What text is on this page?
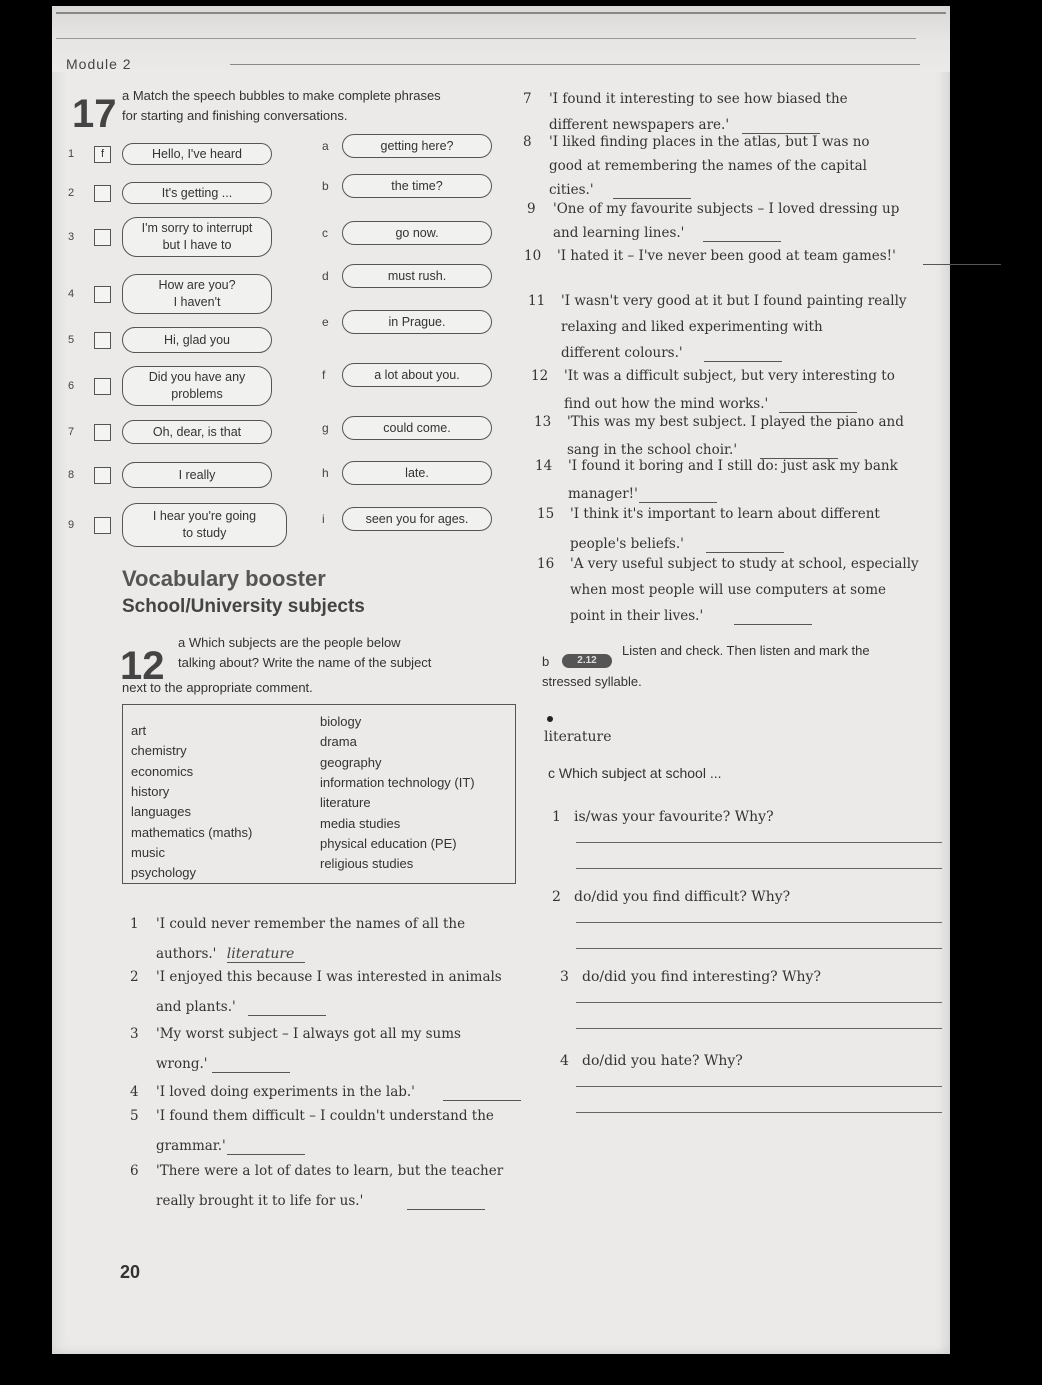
Module 2
17 a Match the speech bubbles to make complete phrases
for starting and finishing conversations.
Vocabulary booster
School/University subjects
12
a Which subjects are the people below
talking about? Write the name of the subject
next to the appropriate comment.
b	2.12
Listen and check. Then listen and mark the
stressed syllable.
literature
c Which subject at school ...
20
1	f	Hello, I've heard
2	It's getting ...
3
I'm sorry to interrupt
but I have to
4
How are you?
I haven't
5	Hi, glad you
6
Did you have any
problems
7	Oh, dear, is that
8	I really
9
I hear you're going
to study
a	getting here?
b	the time?
c	go now.
d	must rush.
e	in Prague.
f	a lot about you.
g	could come.
h	late.
i	seen you for ages.
art
chemistry
economics
history
languages
mathematics (maths)
music
psychology
biology
drama
geography
information technology (IT)
literature
media studies
physical education (PE)
religious studies
1 'I could never remember the names of all the
authors.' literature
2 'I enjoyed this because I was interested in animals
and plants.'
3 'My worst subject – I always got all my sums
wrong.'
4 'I loved doing experiments in the lab.'
5 'I found them difficult – I couldn't understand the
grammar.'
6 'There were a lot of dates to learn, but the teacher
really brought it to life for us.'
7 'I found it interesting to see how biased the
different newspapers are.'
8 'I liked finding places in the atlas, but I was no
good at remembering the names of the capital
cities.'
9 'One of my favourite subjects – I loved dressing up
and learning lines.'
10 'I hated it – I've never been good at team games!'
11 'I wasn't very good at it but I found painting really
relaxing and liked experimenting with
different colours.'
12 'It was a difficult subject, but very interesting to
find out how the mind works.'
13 'This was my best subject. I played the piano and
sang in the school choir.'
14 'I found it boring and I still do: just ask my bank
manager!'
15 'I think it's important to learn about different
people's beliefs.'
16 'A very useful subject to study at school, especially
when most people will use computers at some
point in their lives.'
1 is/was your favourite? Why?
2 do/did you find difficult? Why?
3 do/did you find interesting? Why?
4 do/did you hate? Why?
